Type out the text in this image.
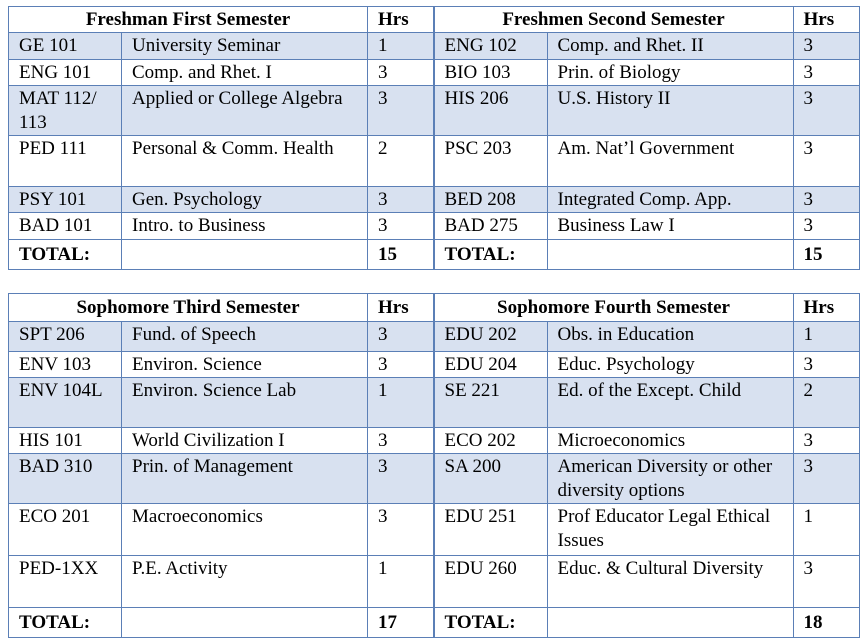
Freshman First Semester		Hrs
GE 101	University Seminar	1
ENG 101	Comp. and Rhet. I	3
MAT 112/ 113	Applied or College Algebra	3
PED 111	Personal & Comm. Health	2
PSY 101	Gen. Psychology	3
BAD 101	Intro. to Business	3
TOTAL:		15
Freshmen Second Semester		Hrs
ENG 102	Comp. and Rhet. II	3
BIO 103	Prin. of Biology	3
HIS 206	U.S. History II	3
PSC 203	Am. Nat’l Government	3
BED 208	Integrated Comp. App.	3
BAD 275	Business Law I	3
TOTAL:		15
Sophomore Third Semester		Hrs
SPT 206	Fund. of Speech	3
ENV 103	Environ. Science	3
ENV 104L	Environ. Science Lab	1
HIS 101	World Civilization I	3
BAD 310	Prin. of Management	3
ECO 201	Macroeconomics	3
PED-1XX	P.E. Activity	1
TOTAL:		17
Sophomore Fourth Semester		Hrs
EDU 202	Obs. in Education	1
EDU 204	Educ. Psychology	3
SE 221	Ed. of the Except. Child	2
ECO 202	Microeconomics	3
SA 200	American Diversity or other diversity options	3
EDU 251	Prof Educator Legal Ethical Issues	1
EDU 260	Educ. & Cultural Diversity	3
TOTAL:		18
